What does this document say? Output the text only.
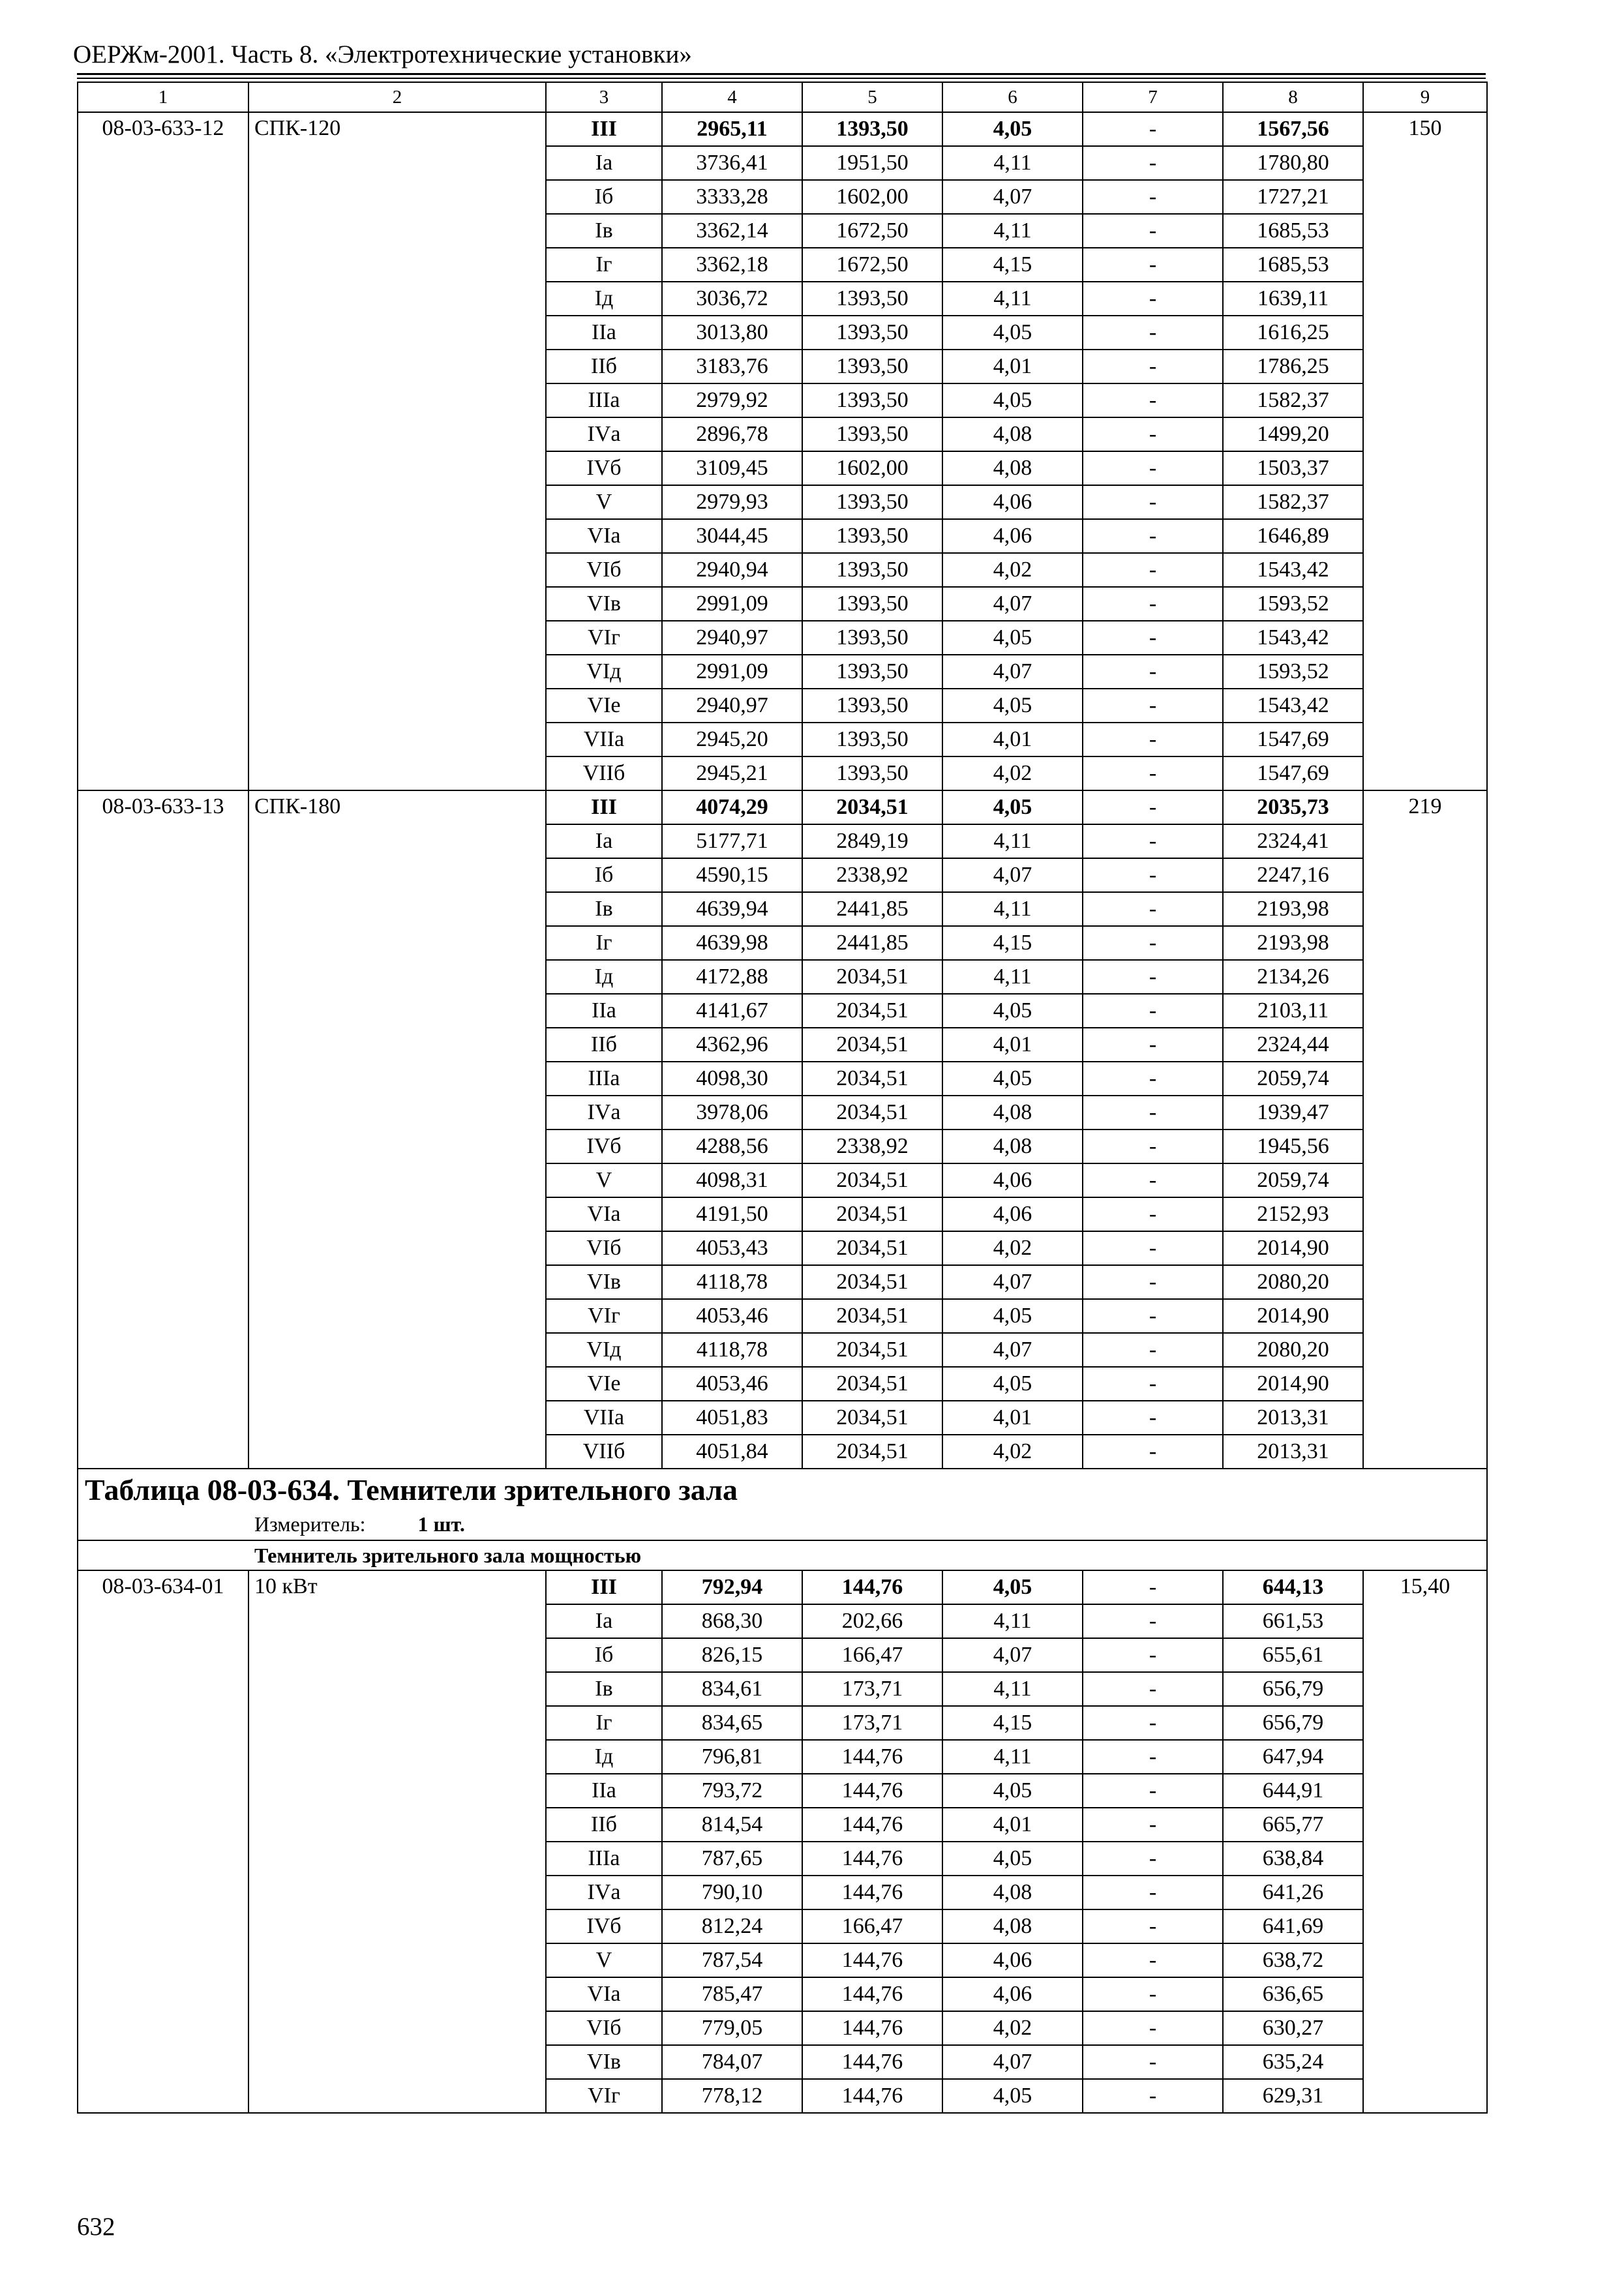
ОЕРЖм-2001. Часть 8. «Электротехнические установки»
1	2	3	4	5	6	7	8	9
08-03-633-12	СПК-120	III	2965,11	1393,50	4,05	-	1567,56	150
		Iа	3736,41	1951,50	4,11	-	1780,80	
		Iб	3333,28	1602,00	4,07	-	1727,21	
		Iв	3362,14	1672,50	4,11	-	1685,53	
		Iг	3362,18	1672,50	4,15	-	1685,53	
		Iд	3036,72	1393,50	4,11	-	1639,11	
		IIа	3013,80	1393,50	4,05	-	1616,25	
		IIб	3183,76	1393,50	4,01	-	1786,25	
		IIIа	2979,92	1393,50	4,05	-	1582,37	
		IVа	2896,78	1393,50	4,08	-	1499,20	
		IVб	3109,45	1602,00	4,08	-	1503,37	
		V	2979,93	1393,50	4,06	-	1582,37	
		VIа	3044,45	1393,50	4,06	-	1646,89	
		VIб	2940,94	1393,50	4,02	-	1543,42	
		VIв	2991,09	1393,50	4,07	-	1593,52	
		VIг	2940,97	1393,50	4,05	-	1543,42	
		VIд	2991,09	1393,50	4,07	-	1593,52	
		VIе	2940,97	1393,50	4,05	-	1543,42	
		VIIа	2945,20	1393,50	4,01	-	1547,69	
		VIIб	2945,21	1393,50	4,02	-	1547,69	
08-03-633-13	СПК-180	III	4074,29	2034,51	4,05	-	2035,73	219
		Iа	5177,71	2849,19	4,11	-	2324,41	
		Iб	4590,15	2338,92	4,07	-	2247,16	
		Iв	4639,94	2441,85	4,11	-	2193,98	
		Iг	4639,98	2441,85	4,15	-	2193,98	
		Iд	4172,88	2034,51	4,11	-	2134,26	
		IIа	4141,67	2034,51	4,05	-	2103,11	
		IIб	4362,96	2034,51	4,01	-	2324,44	
		IIIа	4098,30	2034,51	4,05	-	2059,74	
		IVа	3978,06	2034,51	4,08	-	1939,47	
		IVб	4288,56	2338,92	4,08	-	1945,56	
		V	4098,31	2034,51	4,06	-	2059,74	
		VIа	4191,50	2034,51	4,06	-	2152,93	
		VIб	4053,43	2034,51	4,02	-	2014,90	
		VIв	4118,78	2034,51	4,07	-	2080,20	
		VIг	4053,46	2034,51	4,05	-	2014,90	
		VIд	4118,78	2034,51	4,07	-	2080,20	
		VIе	4053,46	2034,51	4,05	-	2014,90	
		VIIа	4051,83	2034,51	4,01	-	2013,31	
		VIIб	4051,84	2034,51	4,02	-	2013,31	

Таблица 08-03-634. Темнители зрительного зала
Измеритель: 1 шт.								

Темнитель зрительного зала мощностью								

08-03-634-01	10 кВт	III	792,94	144,76	4,05	-	644,13	15,40
		Iа	868,30	202,66	4,11	-	661,53	
		Iб	826,15	166,47	4,07	-	655,61	
		Iв	834,61	173,71	4,11	-	656,79	
		Iг	834,65	173,71	4,15	-	656,79	
		Iд	796,81	144,76	4,11	-	647,94	
		IIа	793,72	144,76	4,05	-	644,91	
		IIб	814,54	144,76	4,01	-	665,77	
		IIIа	787,65	144,76	4,05	-	638,84	
		IVа	790,10	144,76	4,08	-	641,26	
		IVб	812,24	166,47	4,08	-	641,69	
		V	787,54	144,76	4,06	-	638,72	
		VIа	785,47	144,76	4,06	-	636,65	
		VIб	779,05	144,76	4,02	-	630,27	
		VIв	784,07	144,76	4,07	-	635,24	
		VIг	778,12	144,76	4,05	-	629,31	
632
